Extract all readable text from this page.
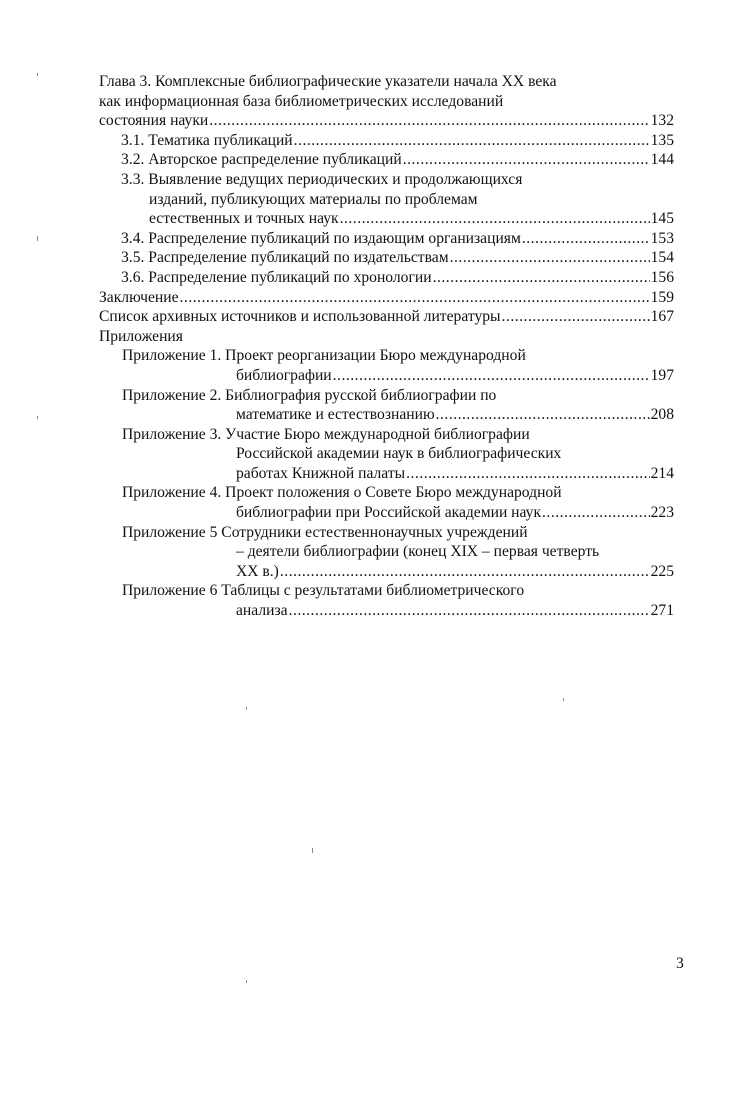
Глава 3. Комплексные библиографические указатели начала XX века
как информационная база библиометрических исследований
состояния науки .....	132
3.1. Тематика публикаций .....	135
3.2. Авторское распределение публикаций .....	144
3.3. Выявление ведущих периодических и продолжающихся
изданий, публикующих материалы по проблемам
естественных и точных наук .....	145
3.4. Распределение публикаций по издающим организациям .....	153
3.5. Распределение публикаций по издательствам .....	154
3.6. Распределение публикаций по хронологии .....	156
Заключение .....	159
Список архивных источников и использованной литературы .....	167
Приложения
Приложение 1. Проект реорганизации Бюро международной
библиографии .....	197
Приложение 2. Библиография русской библиографии по
математике и естествознанию .....	208
Приложение 3. Участие Бюро международной библиографии
Российской академии наук в библиографических
работах Книжной палаты .....	214
Приложение 4. Проект положения о Совете Бюро международной
библиографии при Российской академии наук .....	223
Приложение 5 Сотрудники естественнонаучных учреждений
– деятели библиографии (конец XIX – первая четверть
XX в.) .....	225
Приложение 6 Таблицы с результатами библиометрического
анализа .....	271
3
